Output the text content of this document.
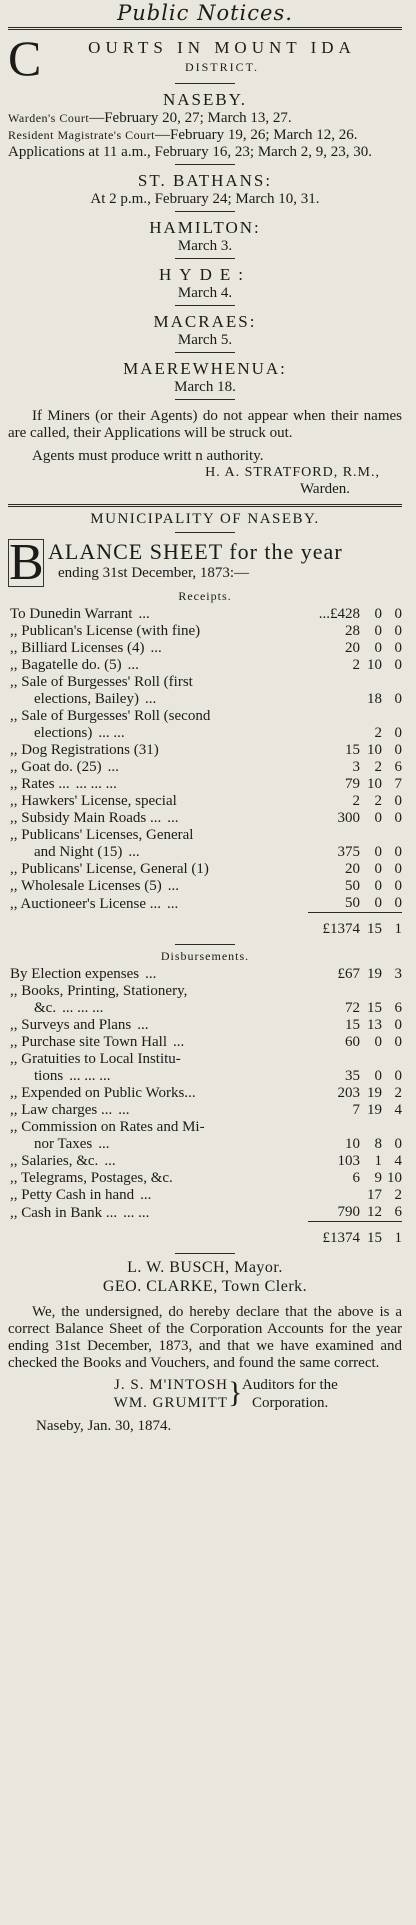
Public Notices.
C	OURTS IN MOUNT IDA
DISTRICT.
NASEBY.
Warden's Court—February 20, 27; March 13, 27.
Resident Magistrate's Court—February 19, 26; March 12, 26.
Applications at 11 a.m., February 16, 23; March 2, 9, 23, 30.
ST. BATHANS:
At 2 p.m., February 24; March 10, 31.
HAMILTON:
March 3.
HYDE:
March 4.
MACRAES:
March 5.
MAEREWHENUA:
March 18.

If Miners (or their Agents) do not appear when their names are called, their Applications will be struck out.

Agents must produce writt n authority.

H. A. STRATFORD, R.M.,
Warden.
MUNICIPALITY OF NASEBY.
B ALANCE SHEET for the year
ending 31st December, 1873:—
Receipts.
To Dunedin Warrant ...	...£428	0	0
,, Publican's License (with fine)	28	0	0
,, Billiard Licenses (4) ...	20	0	0
,, Bagatelle do. (5) ...	2	10	0
,, Sale of Burgesses' Roll (first			
elections, Bailey) ...		18	0
,, Sale of Burgesses' Roll (second			
elections) ... ...		2	0
,, Dog Registrations (31)	15	10	0
,, Goat do. (25) ...	3	2	6
,, Rates ... ... ... ...	79	10	7
,, Hawkers' License, special	2	2	0
,, Subsidy Main Roads ... ...	300	0	0
,, Publicans' Licenses, General			
and Night (15) ...	375	0	0
,, Publicans' License, General (1)	20	0	0
,, Wholesale Licenses (5) ...	50	0	0
,, Auctioneer's License ... ...	50	0	0
	£1374	15	1
Disbursements.
By Election expenses ...	£67	19	3
,, Books, Printing, Stationery,			
&c. ... ... ...	72	15	6
,, Surveys and Plans ...	15	13	0
,, Purchase site Town Hall ...	60	0	0
,, Gratuities to Local Institu-			
tions ... ... ...	35	0	0
,, Expended on Public Works...	203	19	2
,, Law charges ... ...	7	19	4
,, Commission on Rates and Mi-			
nor Taxes ...	10	8	0
,, Salaries, &c. ...	103	1	4
,, Telegrams, Postages, &c.	6	9	10
,, Petty Cash in hand ...		17	2
,, Cash in Bank ... ... ...	790	12	6
	£1374	15	1
L. W. BUSCH, Mayor.
GEO. CLARKE, Town Clerk.

We, the undersigned, do hereby declare that the above is a correct Balance Sheet of the Corporation Accounts for the year ending 31st December, 1873, and that we have examined and checked the Books and Vouchers, and found the same correct.

J. S. M'INTOSH
WM. GRUMITT } Auditors for the
Corporation.
Naseby, Jan. 30, 1874.
